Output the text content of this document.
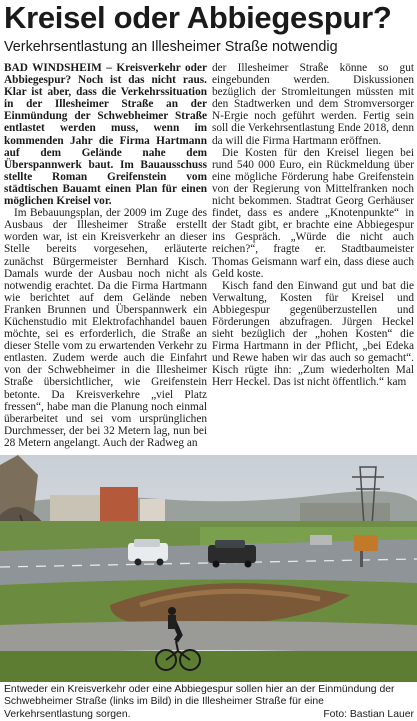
Kreisel oder Abbiegespur?
Verkehrsentlastung an Illesheimer Straße notwendig

BAD WINDSHEIM – Kreisverkehr oder Abbiegespur? Noch ist das nicht raus. Klar ist aber, dass die Verkehrssituation in der Illesheimer Straße an der Einmündung der Schwebheimer Straße entlastet werden muss, wenn im kommenden Jahr die Firma Hartmann auf dem Gelände nahe dem Überspannwerk baut. Im Bauausschuss stellte Roman Greifenstein vom städtischen Bauamt einen Plan für einen möglichen Kreisel vor.

Im Bebauungsplan, der 2009 im Zuge des Ausbaus der Illesheimer Straße erstellt worden war, ist ein Kreisverkehr an dieser Stelle bereits vorgesehen, erläuterte zunächst Bürgermeister Bernhard Kisch. Damals wurde der Ausbau noch nicht als notwendig erachtet. Da die Firma Hartmann wie berichtet auf dem Gelände neben Franken Brunnen und Überspannwerk ein Küchenstudio mit Elektrofachhandel bauen möchte, sei es erforderlich, die Straße an dieser Stelle vom zu erwartenden Verkehr zu entlasten. Zudem werde auch die Einfahrt von der Schwebheimer in die Illesheimer Straße übersichtlicher, wie Greifenstein betonte. Da Kreisverkehre „viel Platz fressen“, habe man die Planung noch einmal überarbeitet und sei vom ursprünglichen Durchmesser, der bei 32 Metern lag, nun bei 28 Metern angelangt. Auch der Radweg an

der Illesheimer Straße könne so gut eingebunden werden. Diskussionen bezüglich der Stromleitungen müssten mit den Stadtwerken und dem Stromversorger N-Ergie noch geführt werden. Fertig sein soll die Verkehrsentlastung Ende 2018, denn da will die Firma Hartmann eröffnen.

Die Kosten für den Kreisel liegen bei rund 540 000 Euro, ein Rückmeldung über eine mögliche Förderung habe Greifenstein von der Regierung von Mittelfranken noch nicht bekommen. Stadtrat Georg Gerhäuser findet, dass es andere „Knotenpunkte“ in der Stadt gibt, er brachte eine Abbiegespur ins Gespräch. „Würde die nicht auch reichen?“, fragte er. Stadtbaumeister Thomas Geismann warf ein, dass diese auch Geld koste.

Kisch fand den Einwand gut und bat die Verwaltung, Kosten für Kreisel und Abbiegespur gegenüberzustellen und Förderungen abzufragen. Jürgen Heckel sieht bezüglich der „hohen Kosten“ die Firma Hartmann in der Pflicht, „bei Edeka und Rewe haben wir das auch so gemacht“. Kisch rügte ihn: „Zum wiederholten Mal Herr Heckel. Das ist nicht öffentlich.“ kam

Entweder ein Kreisverkehr oder eine Abbiegespur sollen hier an der Einmündung der Schwebheimer Straße (links im Bild) in die Illesheimer Straße für eine Verkehrsentlastung sorgen.	Foto: Bastian Lauer
